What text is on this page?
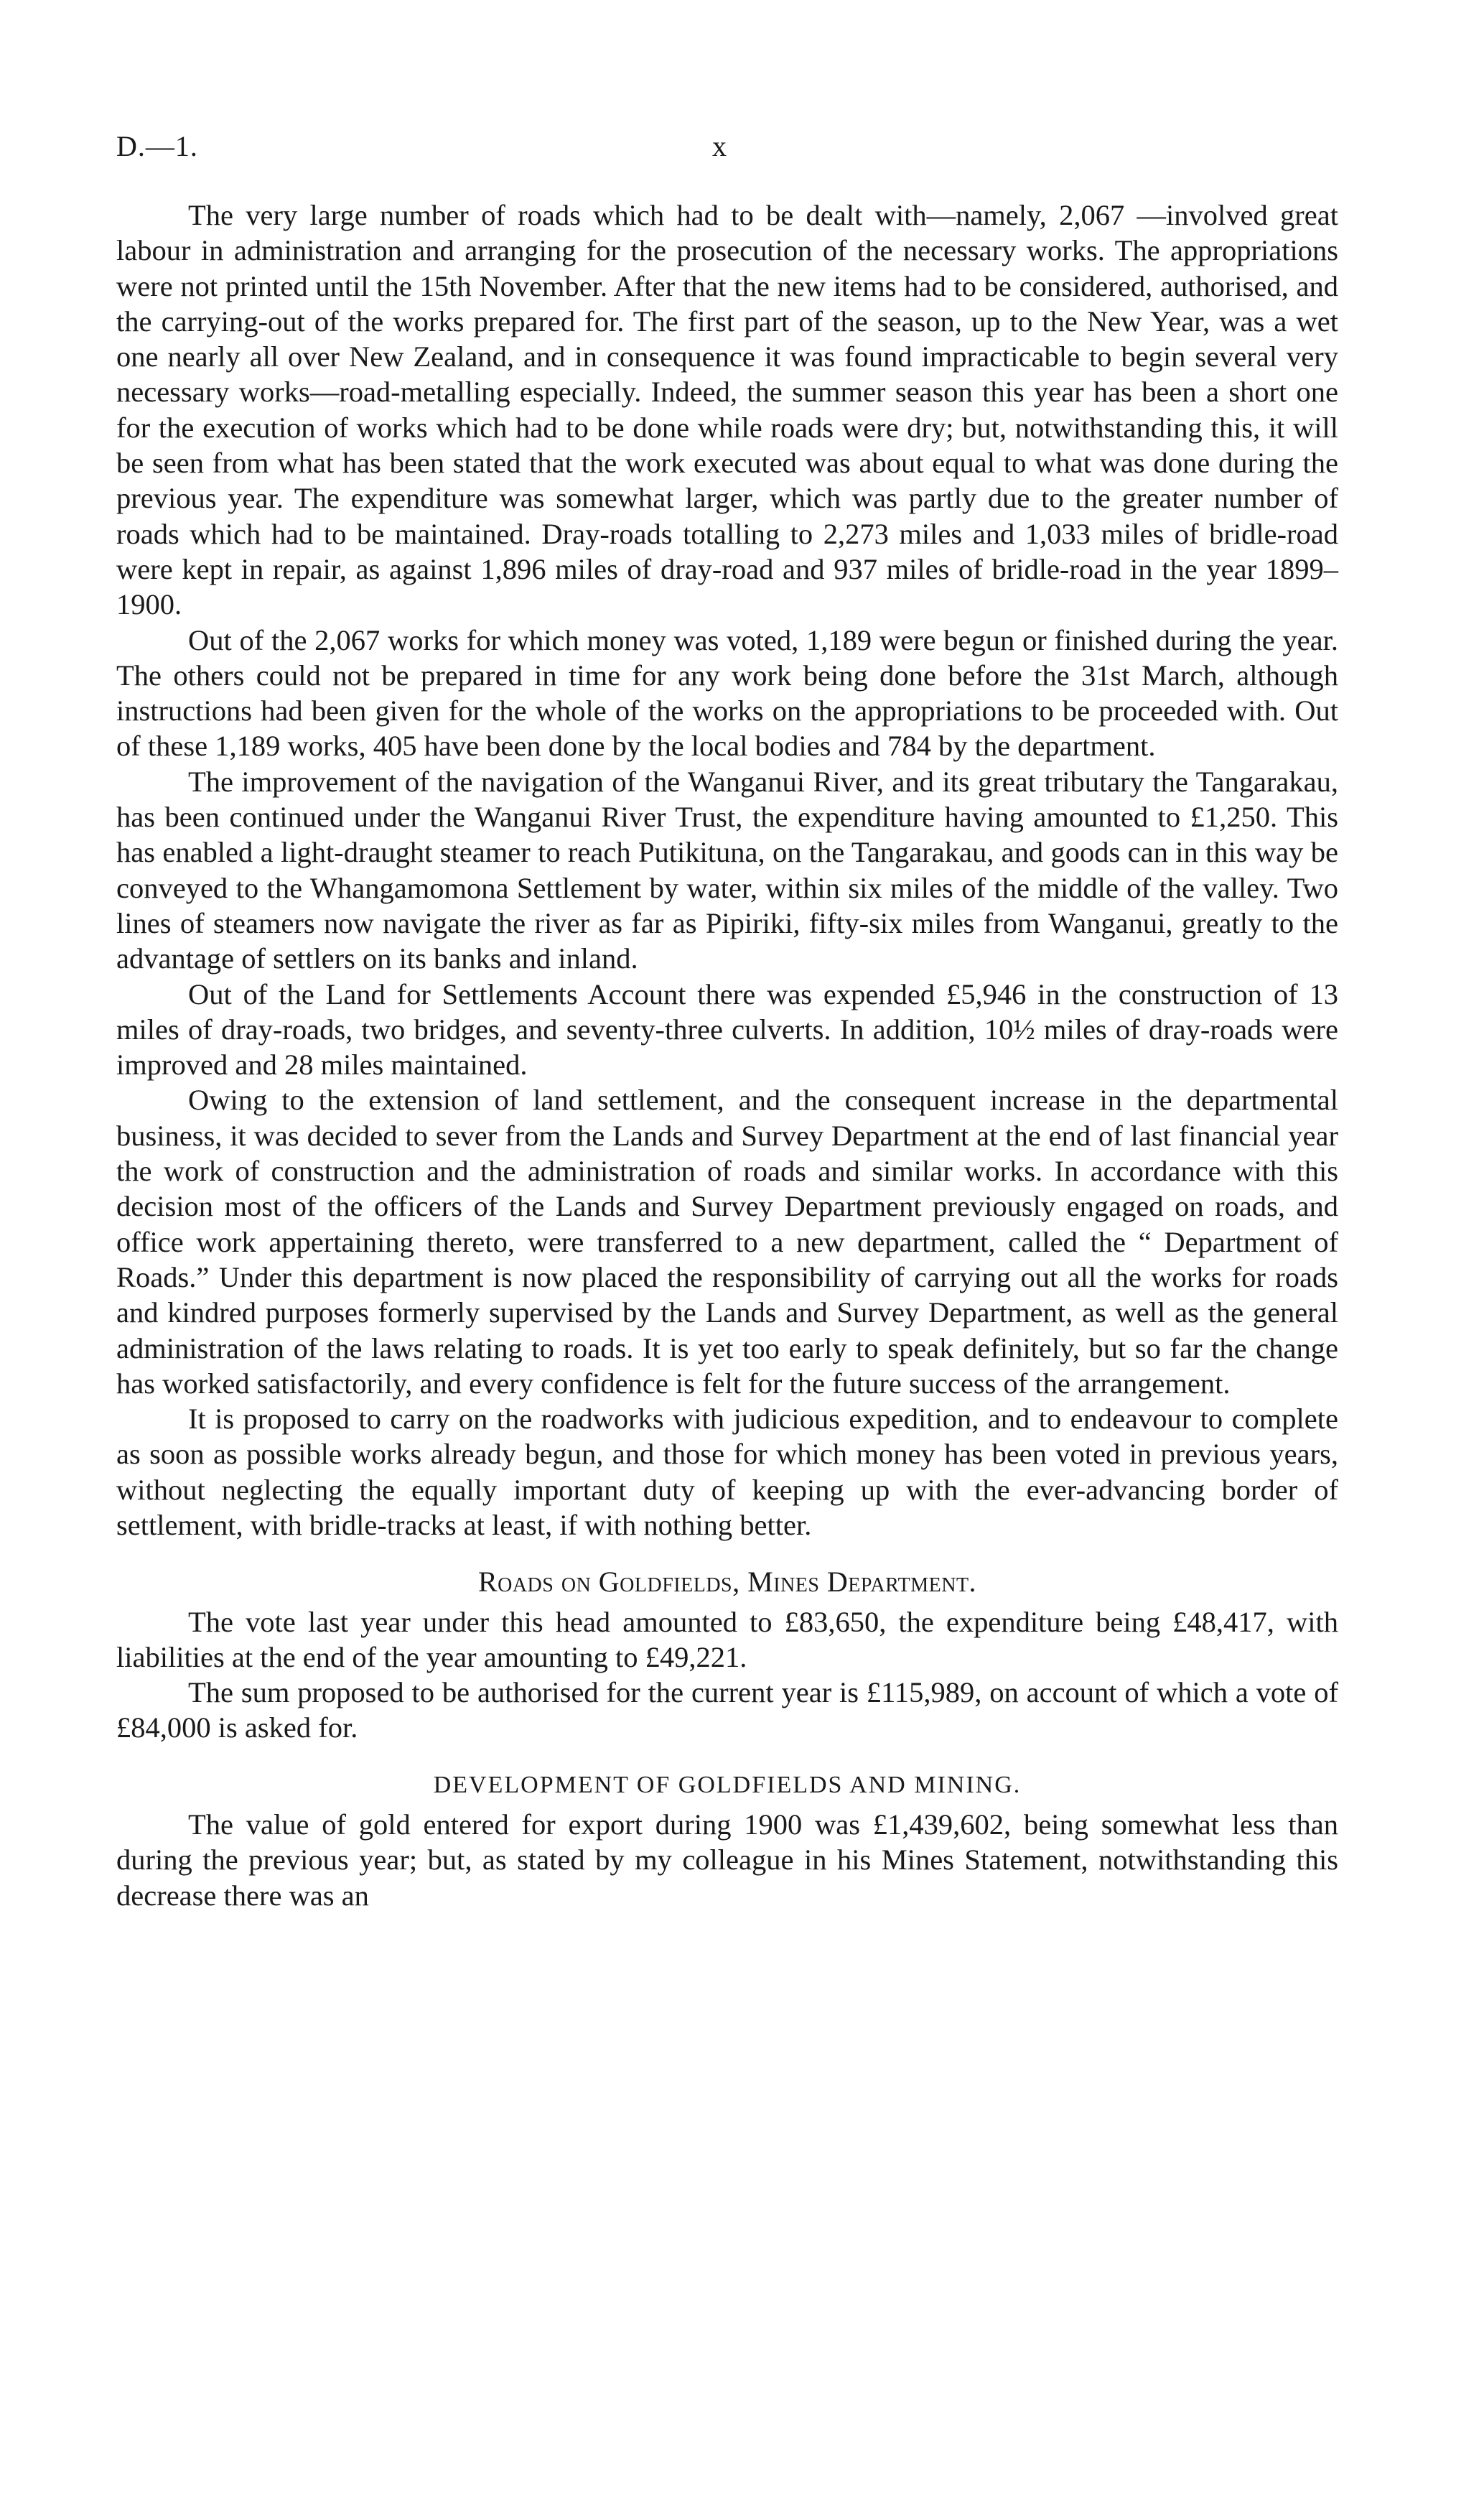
D.—1.	x

The very large number of roads which had to be dealt with—namely, 2,067 —involved great labour in administration and arranging for the prosecution of the necessary works. The appropriations were not printed until the 15th November. After that the new items had to be considered, authorised, and the carrying-out of the works prepared for. The first part of the season, up to the New Year, was a wet one nearly all over New Zealand, and in consequence it was found impracticable to begin several very necessary works—road-metalling especially. Indeed, the summer season this year has been a short one for the execution of works which had to be done while roads were dry; but, notwithstanding this, it will be seen from what has been stated that the work executed was about equal to what was done during the previous year. The expenditure was somewhat larger, which was partly due to the greater number of roads which had to be maintained. Dray-roads totalling to 2,273 miles and 1,033 miles of bridle-road were kept in repair, as against 1,896 miles of dray-road and 937 miles of bridle-road in the year 1899–1900.

Out of the 2,067 works for which money was voted, 1,189 were begun or finished during the year. The others could not be prepared in time for any work being done before the 31st March, although instructions had been given for the whole of the works on the appropriations to be proceeded with. Out of these 1,189 works, 405 have been done by the local bodies and 784 by the department.

The improvement of the navigation of the Wanganui River, and its great tributary the Tangarakau, has been continued under the Wanganui River Trust, the expenditure having amounted to £1,250. This has enabled a light-draught steamer to reach Putikituna, on the Tangarakau, and goods can in this way be conveyed to the Whangamomona Settlement by water, within six miles of the middle of the valley. Two lines of steamers now navigate the river as far as Pipiriki, fifty-six miles from Wanganui, greatly to the advantage of settlers on its banks and inland.

Out of the Land for Settlements Account there was expended £5,946 in the construction of 13 miles of dray-roads, two bridges, and seventy-three culverts. In addition, 10½ miles of dray-roads were improved and 28 miles maintained.

Owing to the extension of land settlement, and the consequent increase in the departmental business, it was decided to sever from the Lands and Survey Department at the end of last financial year the work of construction and the administration of roads and similar works. In accordance with this decision most of the officers of the Lands and Survey Department previously engaged on roads, and office work appertaining thereto, were transferred to a new department, called the “ Department of Roads.” Under this department is now placed the responsibility of carrying out all the works for roads and kindred purposes formerly supervised by the Lands and Survey Department, as well as the general administration of the laws relating to roads. It is yet too early to speak definitely, but so far the change has worked satisfactorily, and every confidence is felt for the future success of the arrangement.

It is proposed to carry on the roadworks with judicious expedition, and to endeavour to complete as soon as possible works already begun, and those for which money has been voted in previous years, without neglecting the equally important duty of keeping up with the ever-advancing border of settlement, with bridle-tracks at least, if with nothing better.

Roads on Goldfields, Mines Department.

The vote last year under this head amounted to £83,650, the expenditure being £48,417, with liabilities at the end of the year amounting to £49,221.

The sum proposed to be authorised for the current year is £115,989, on account of which a vote of £84,000 is asked for.

DEVELOPMENT OF GOLDFIELDS AND MINING.

The value of gold entered for export during 1900 was £1,439,602, being somewhat less than during the previous year; but, as stated by my colleague in his Mines Statement, notwithstanding this decrease there was an
